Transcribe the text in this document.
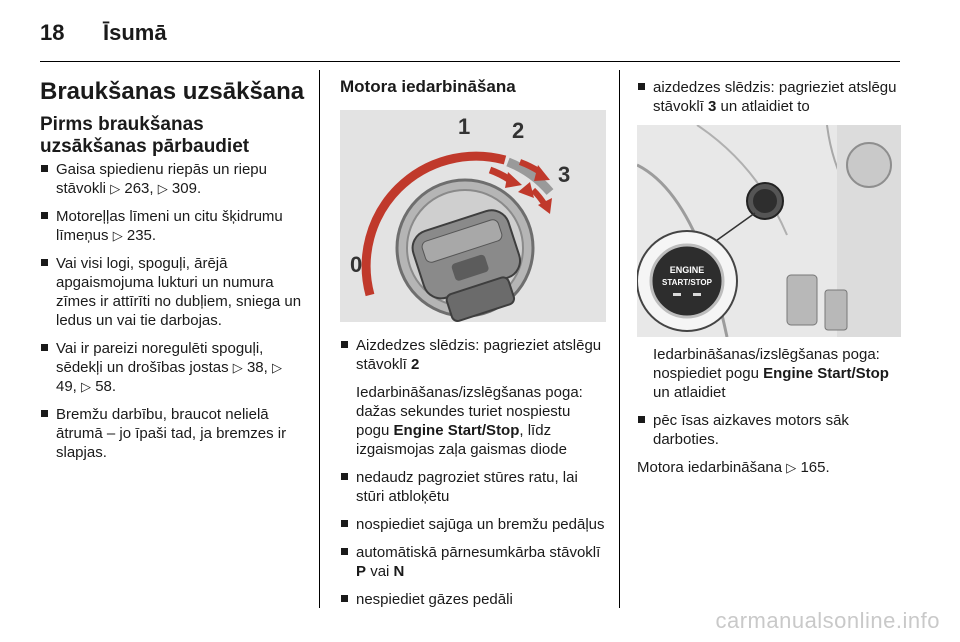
18 Īsumā
Braukšanas uzsākšana
Pirms braukšanas uzsākšanas pārbaudiet
Gaisa spiedienu riepās un riepu stāvokli ▷ 263, ▷ 309.
Motoreļļas līmeni un citu šķidrumu līmeņus ▷ 235.
Vai visi logi, spoguļi, ārējā apgaismojuma lukturi un numura zīmes ir attīrīti no dubļiem, sniega un ledus un vai tie darbojas.
Vai ir pareizi noregulēti spoguļi, sēdekļi un drošības jostas ▷ 38, ▷ 49, ▷ 58.
Bremžu darbību, braucot nelielā ātrumā – jo īpaši tad, ja bremzes ir slapjas.
Motora iedarbināšana
1 2
3
0
Aizdedzes slēdzis: pagrieziet atslēgu stāvoklī 2

Iedarbināšanas/izslēgšanas poga: dažas sekundes turiet nospiestu pogu Engine Start/Stop, līdz izgaismojas zaļa gaismas diode

nedaudz pagroziet stūres ratu, lai stūri atbloķētu
nospiediet sajūga un bremžu pedāļus
automātiskā pārnesumkārba stāvoklī P vai N
nespiediet gāzes pedāli
aizdedzes slēdzis: pagrieziet atslēgu stāvoklī 3 un atlaidiet to
ENGINE
START/STOP

Iedarbināšanas/izslēgšanas poga: nospiediet pogu Engine Start/Stop un atlaidiet

pēc īsas aizkaves motors sāk darboties.

Motora iedarbināšana ▷ 165.

carmanualsonline.info
